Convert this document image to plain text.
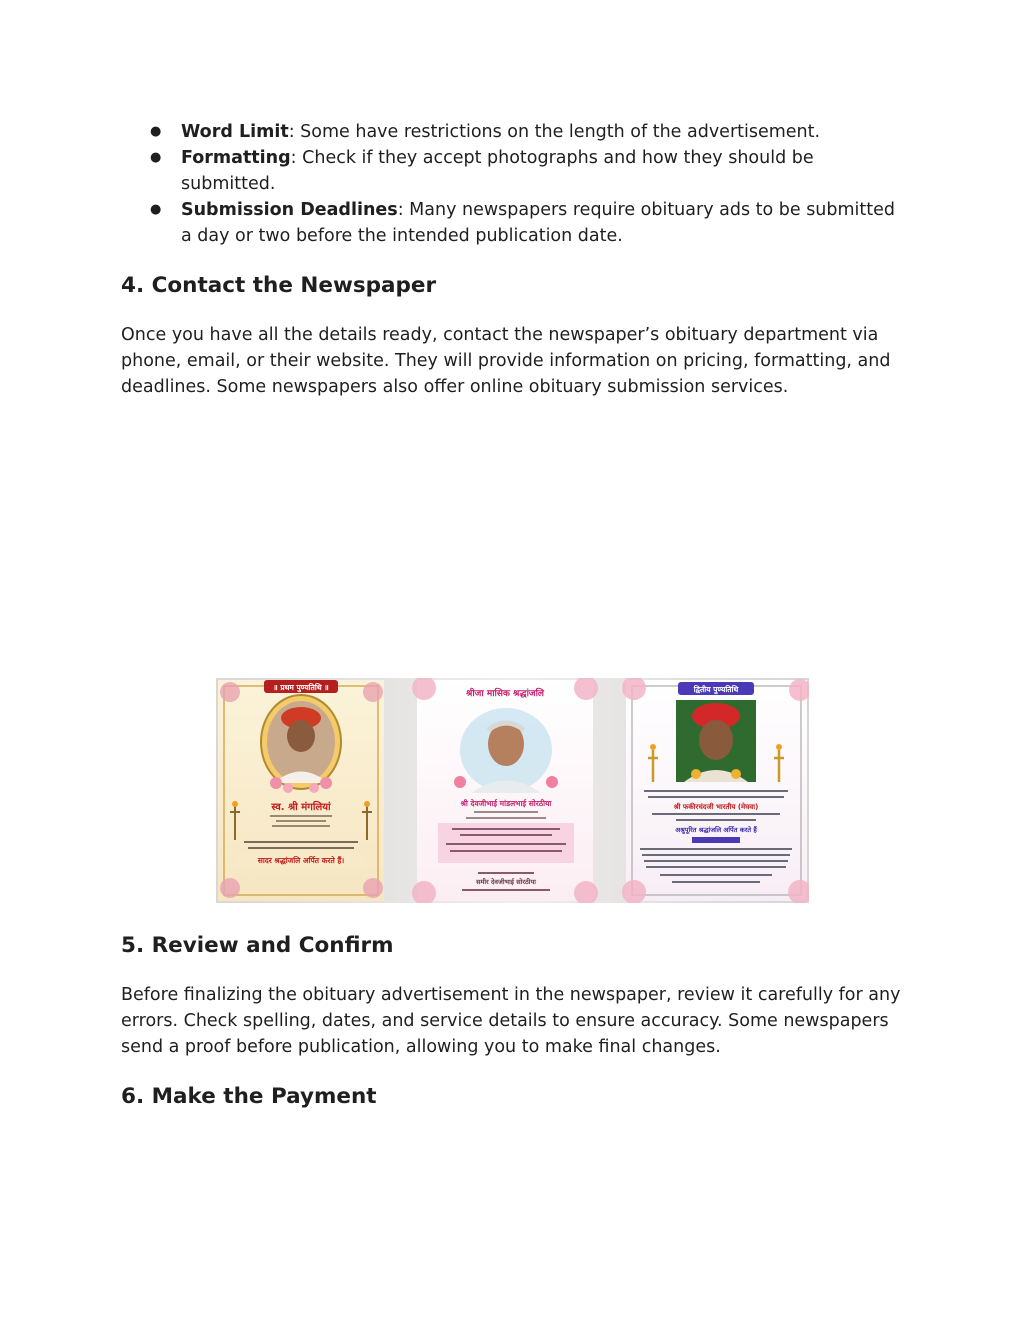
● Word Limit: Some have restrictions on the length of the advertisement.
● Formatting: Check if they accept photographs and how they should be submitted.
● Submission Deadlines: Many newspapers require obituary ads to be submitted a day or two before the intended publication date.
4. Contact the Newspaper

Once you have all the details ready, contact the newspaper’s obituary department via phone, email, or their website. They will provide information on pricing, formatting, and deadlines. Some newspapers also offer online obituary submission services.

॥ प्रथम पुण्यतिथि ॥
स्व. श्री मंगलियां
सादर श्रद्धांजलि अर्पित करते हैं।
श्रीजा मासिक श्रद्धांजलि
श्री देवजीभाई मांडलभाई सोरठीया
समीर देवजीभाई सोरठीया
द्वितीय पुण्यतिथि
श्री फकीरचंदजी भारतीय (मेघवा)
अश्रुपूरित श्रद्धांजलि अर्पित करते हैं
5. Review and Confirm

Before finalizing the obituary advertisement in the newspaper, review it carefully for any errors. Check spelling, dates, and service details to ensure accuracy. Some newspapers send a proof before publication, allowing you to make final changes.

6. Make the Payment
